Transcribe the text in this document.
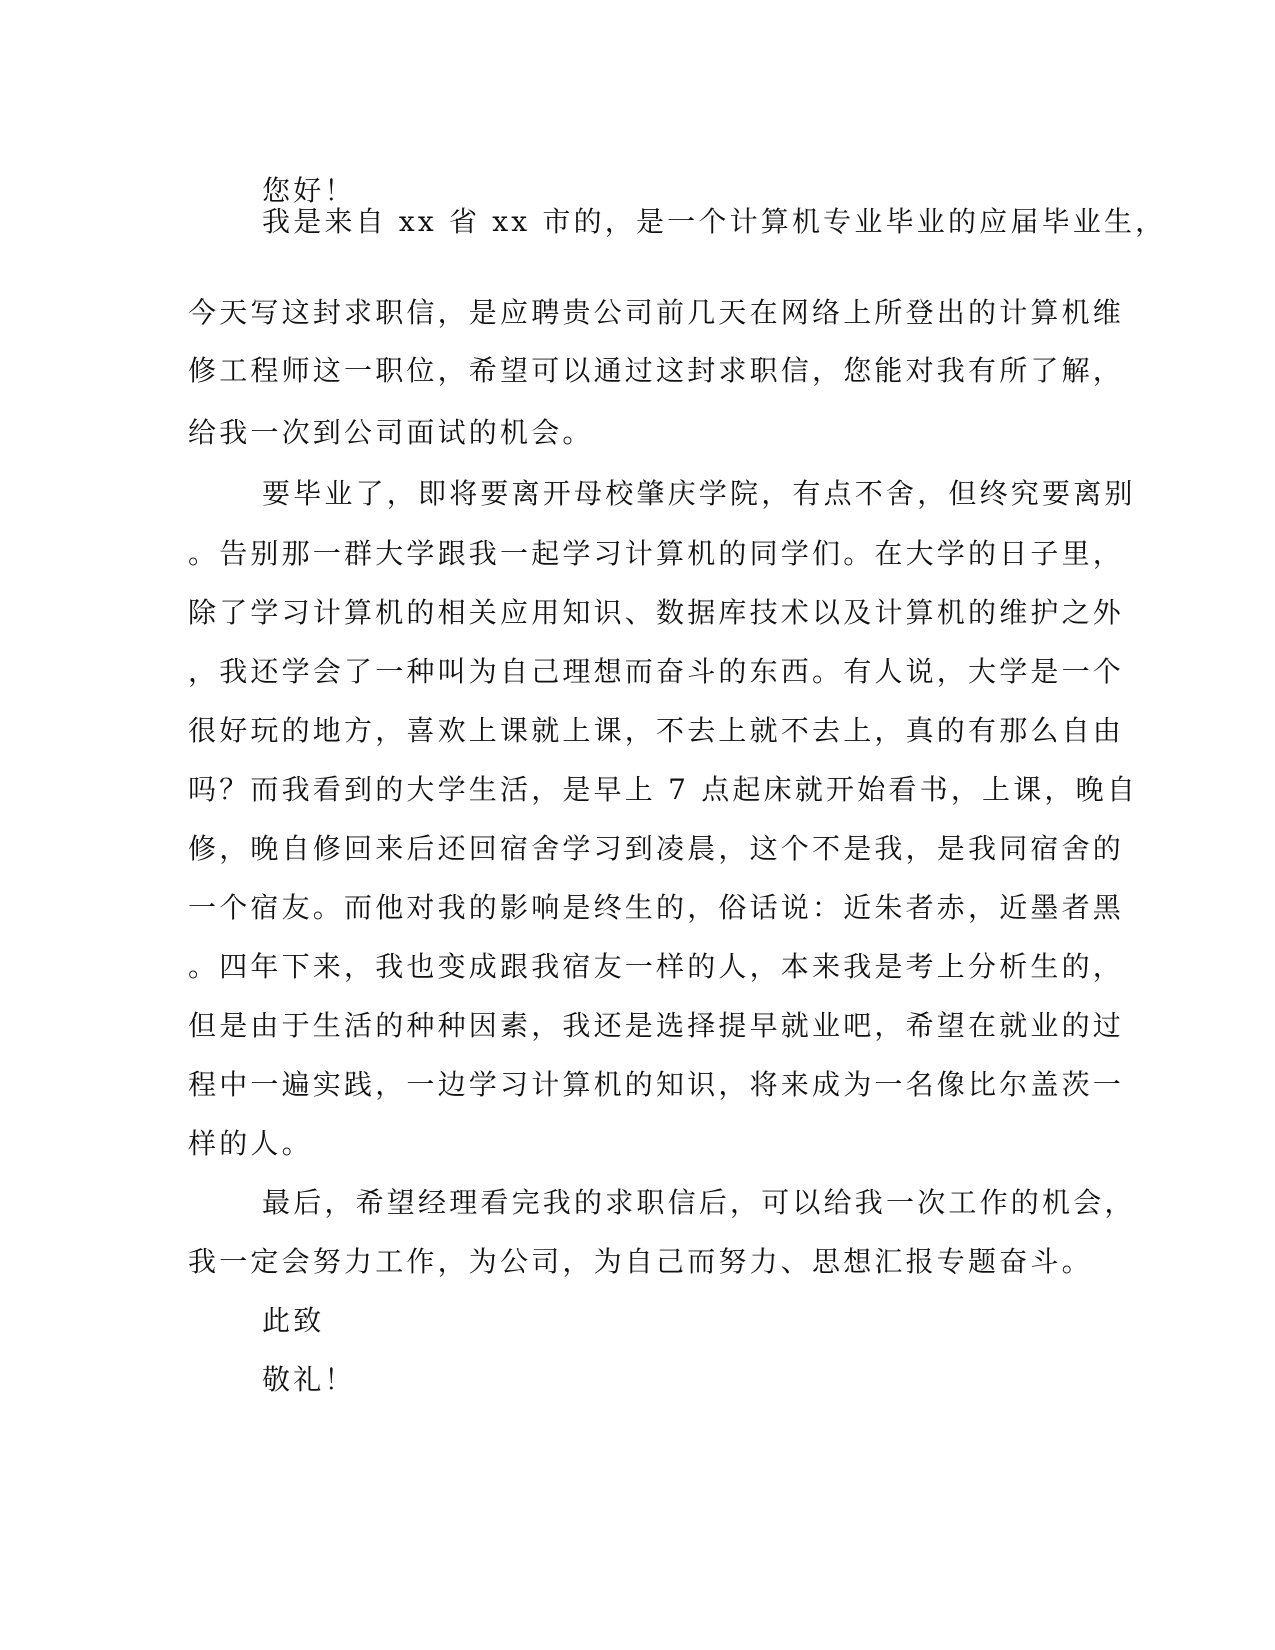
您好！
我是来自 xx 省 xx 市的，是一个计算机专业毕业的应届毕业生，
今天写这封求职信，是应聘贵公司前几天在网络上所登出的计算机维
修工程师这一职位，希望可以通过这封求职信，您能对我有所了解，
给我一次到公司面试的机会。
要毕业了，即将要离开母校肇庆学院，有点不舍，但终究要离别
。告别那一群大学跟我一起学习计算机的同学们。在大学的日子里，
除了学习计算机的相关应用知识、数据库技术以及计算机的维护之外
，我还学会了一种叫为自己理想而奋斗的东西。有人说，大学是一个
很好玩的地方，喜欢上课就上课，不去上就不去上，真的有那么自由
吗？而我看到的大学生活，是早上 7 点起床就开始看书，上课，晚自
修，晚自修回来后还回宿舍学习到凌晨，这个不是我，是我同宿舍的
一个宿友。而他对我的影响是终生的，俗话说：近朱者赤，近墨者黑
。四年下来，我也变成跟我宿友一样的人，本来我是考上分析生的，
但是由于生活的种种因素，我还是选择提早就业吧，希望在就业的过
程中一遍实践，一边学习计算机的知识，将来成为一名像比尔盖茨一
样的人。
最后，希望经理看完我的求职信后，可以给我一次工作的机会，
我一定会努力工作，为公司，为自己而努力、思想汇报专题奋斗。
此致
敬礼！
